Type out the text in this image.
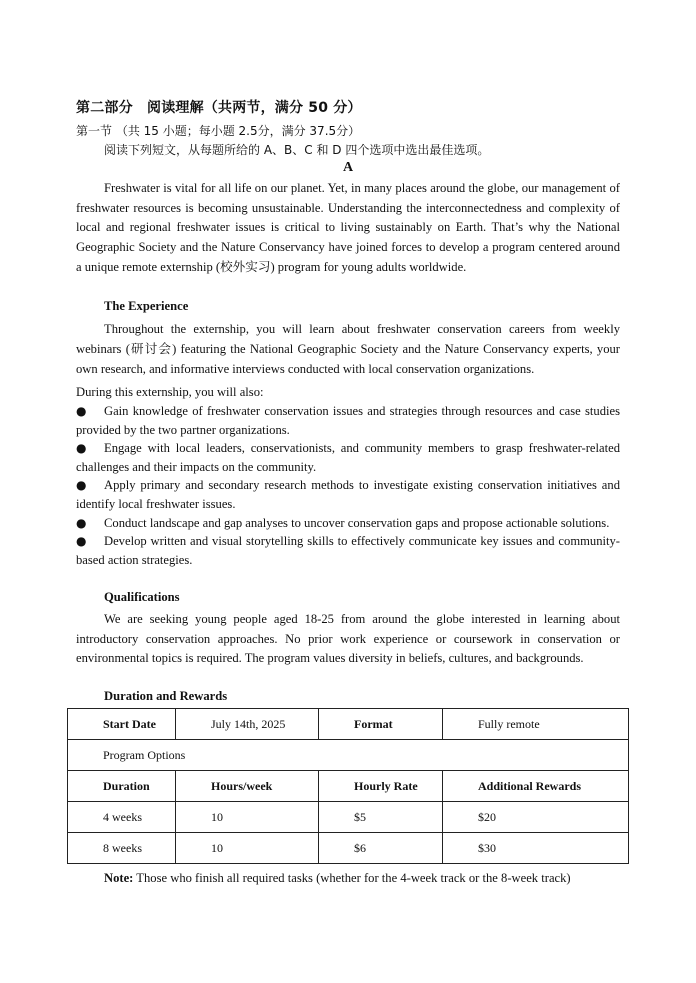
第二部分　阅读理解（共两节，满分 50 分）
第一节 （共 15 小题；每小题 2.5分，满分 37.5分）
阅读下列短文，从每题所给的 A、B、C 和 D 四个选项中选出最佳选项。
A

Freshwater is vital for all life on our planet. Yet, in many places around the globe, our management of freshwater resources is becoming unsustainable. Understanding the interconnectedness and complexity of local and regional freshwater issues is critical to living sustainably on Earth. That’s why the National Geographic Society and the Nature Conservancy have joined forces to develop a program centered around a unique remote externship (校外实习) program for young adults worldwide.

The Experience

Throughout the externship, you will learn about freshwater conservation careers from weekly webinars (研讨会) featuring the National Geographic Society and the Nature Conservancy experts, your own research, and informative interviews conducted with local conservation organizations.

During this externship, you will also:

● Gain knowledge of freshwater conservation issues and strategies through resources and case studies provided by the two partner organizations.
● Engage with local leaders, conservationists, and community members to grasp freshwater-related challenges and their impacts on the community.
● Apply primary and secondary research methods to investigate existing conservation initiatives and identify local freshwater issues.
● Conduct landscape and gap analyses to uncover conservation gaps and propose actionable solutions.
● Develop written and visual storytelling skills to effectively communicate key issues and community-based action strategies.
Qualifications

We are seeking young people aged 18-25 from around the globe interested in learning about introductory conservation approaches. No prior work experience or coursework in conservation or environmental topics is required. The program values diversity in beliefs, cultures, and backgrounds.

Duration and Rewards
Start Date	July 14th, 2025	Format	Fully remote
Program Options			
Duration	Hours/week	Hourly Rate	Additional Rewards
4 weeks	10	$5	$20
8 weeks	10	$6	$30
Note: Those who finish all required tasks (whether for the 4-week track or the 8-week track)
